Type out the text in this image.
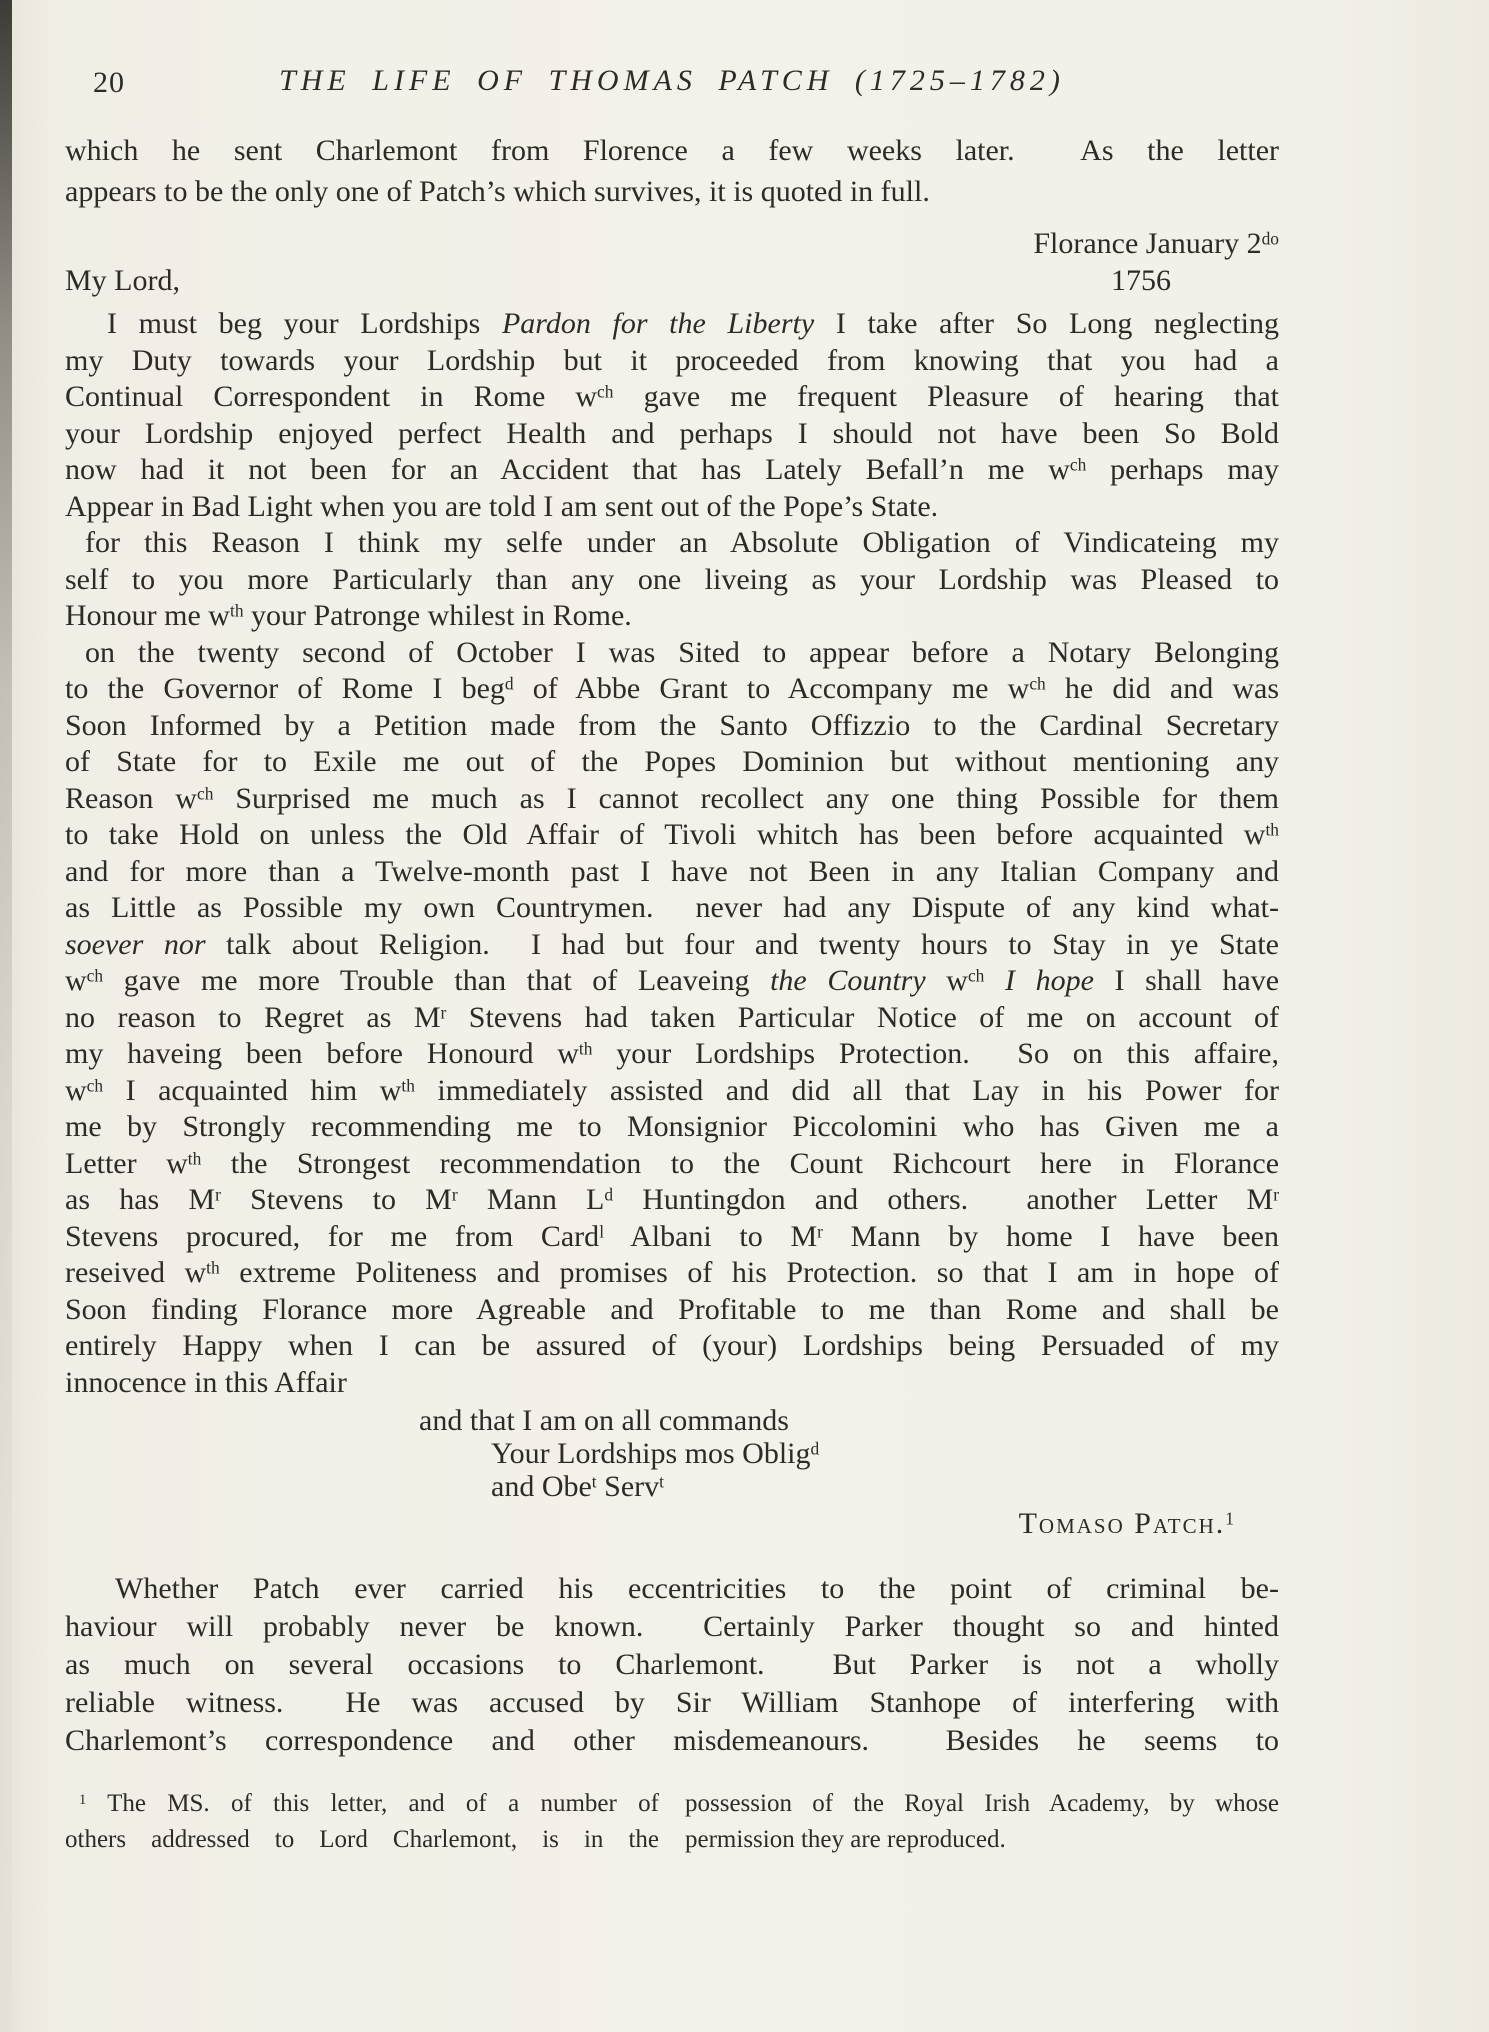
20	THE LIFE OF THOMAS PATCH (1725–1782)
which he sent Charlemont from Florence a few weeks later.  As the letter
appears to be the only one of Patch’s which survives, it is quoted in full.
Florance January $2^{do}$
My Lord,	1756
I must beg your Lordships Pardon for the Liberty I take after So Long neglecting
my Duty towards your Lordship but it proceeded from knowing that you had a
Continual Correspondent in Rome $w^{ch}$ gave me frequent Pleasure of hearing that
your Lordship enjoyed perfect Health and perhaps I should not have been So Bold
now had it not been for an Accident that has Lately Befall’n me $w^{ch}$ perhaps may
Appear in Bad Light when you are told I am sent out of the Pope’s State.
for this Reason I think my selfe under an Absolute Obligation of Vindicateing my
self to you more Particularly than any one liveing as your Lordship was Pleased to
Honour me $w^{th}$ your Patronge whilest in Rome.
on the twenty second of October I was Sited to appear before a Notary Belonging
to the Governor of Rome I beg$^d$ of Abbe Grant to Accompany me $w^{ch}$ he did and was
Soon Informed by a Petition made from the Santo Offizzio to the Cardinal Secretary
of State for to Exile me out of the Popes Dominion but without mentioning any
Reason $w^{ch}$ Surprised me much as I cannot recollect any one thing Possible for them
to take Hold on unless the Old Affair of Tivoli whitch has been before acquainted $w^{th}$
and for more than a Twelve-month past I have not Been in any Italian Company and
as Little as Possible my own Countrymen.  never had any Dispute of any kind what-
soever nor talk about Religion.  I had but four and twenty hours to Stay in ye State
$w^{ch}$ gave me more Trouble than that of Leaveing the Country $w^{ch}$ I hope I shall have
no reason to Regret as $M^r$ Stevens had taken Particular Notice of me on account of
my haveing been before Honourd $w^{th}$ your Lordships Protection.  So on this affaire,
$w^{ch}$ I acquainted him $w^{th}$ immediately assisted and did all that Lay in his Power for
me by Strongly recommending me to Monsignior Piccolomini who has Given me a
Letter $w^{th}$ the Strongest recommendation to the Count Richcourt here in Florance
as has $M^r$ Stevens to $M^r$ Mann $L^d$ Huntingdon and others.  another Letter $M^r$
Stevens procured, for me from Card$^l$ Albani to $M^r$ Mann by home I have been
reseived $w^{th}$ extreme Politeness and promises of his Protection. so that I am in hope of
Soon finding Florance more Agreable and Profitable to me than Rome and shall be
entirely Happy when I can be assured of (your) Lordships being Persuaded of my
innocence in this Affair
and that I am on all commands
Your Lordships mos Oblig$^d$
and Obe$^t$ Serv$^t$
Tomaso Patch.$^1$
Whether Patch ever carried his eccentricities to the point of criminal be-
haviour will probably never be known.  Certainly Parker thought so and hinted
as much on several occasions to Charlemont.  But Parker is not a wholly
reliable witness.  He was accused by Sir William Stanhope of interfering with
Charlemont’s correspondence and other misdemeanours.  Besides he seems to
$^1$ The MS. of this letter, and of a number of
others addressed to Lord Charlemont, is in the
possession of the Royal Irish Academy, by whose
permission they are reproduced.
